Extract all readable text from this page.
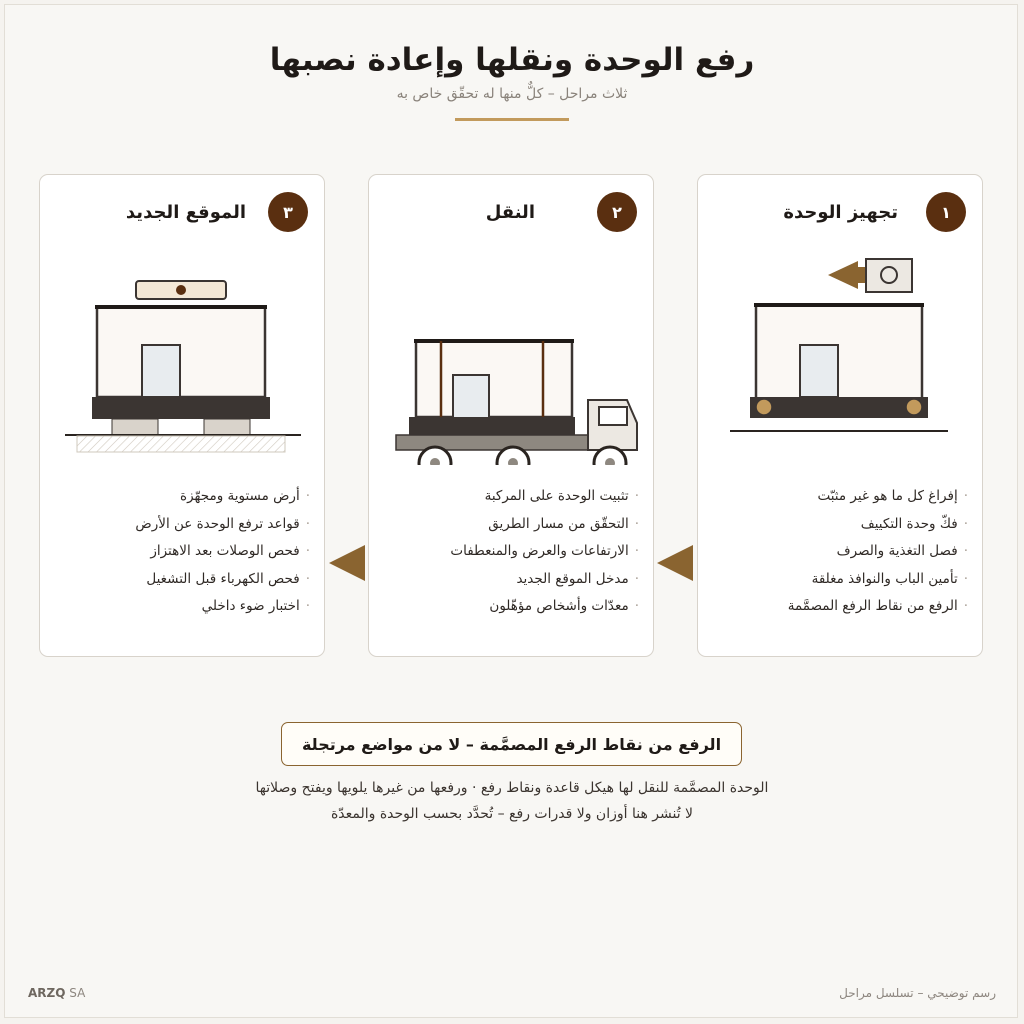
رفع الوحدة ونقلها وإعادة نصبها
ثلاث مراحل – كلٌّ منها له تحقّق خاص به
١
تجهيز الوحدة
·إفراغ كل ما هو غير مثبّت
·فكّ وحدة التكييف
·فصل التغذية والصرف
·تأمين الباب والنوافذ مغلقة
·الرفع من نقاط الرفع المصمَّمة
٢
النقل
·تثبيت الوحدة على المركبة
·التحقّق من مسار الطريق
·الارتفاعات والعرض والمنعطفات
·مدخل الموقع الجديد
·معدّات وأشخاص مؤهّلون
٣
الموقع الجديد
·أرض مستوية ومجهّزة
·قواعد ترفع الوحدة عن الأرض
·فحص الوصلات بعد الاهتزاز
·فحص الكهرباء قبل التشغيل
·اختبار ضوء داخلي
الرفع من نقاط الرفع المصمَّمة – لا من مواضع مرتجلة
الوحدة المصمَّمة للنقل لها هيكل قاعدة ونقاط رفع · ورفعها من غيرها يلويها ويفتح وصلاتها
لا تُنشر هنا أوزان ولا قدرات رفع – تُحدَّد بحسب الوحدة والمعدّة
رسم توضيحي – تسلسل مراحل
ARZQ SA
